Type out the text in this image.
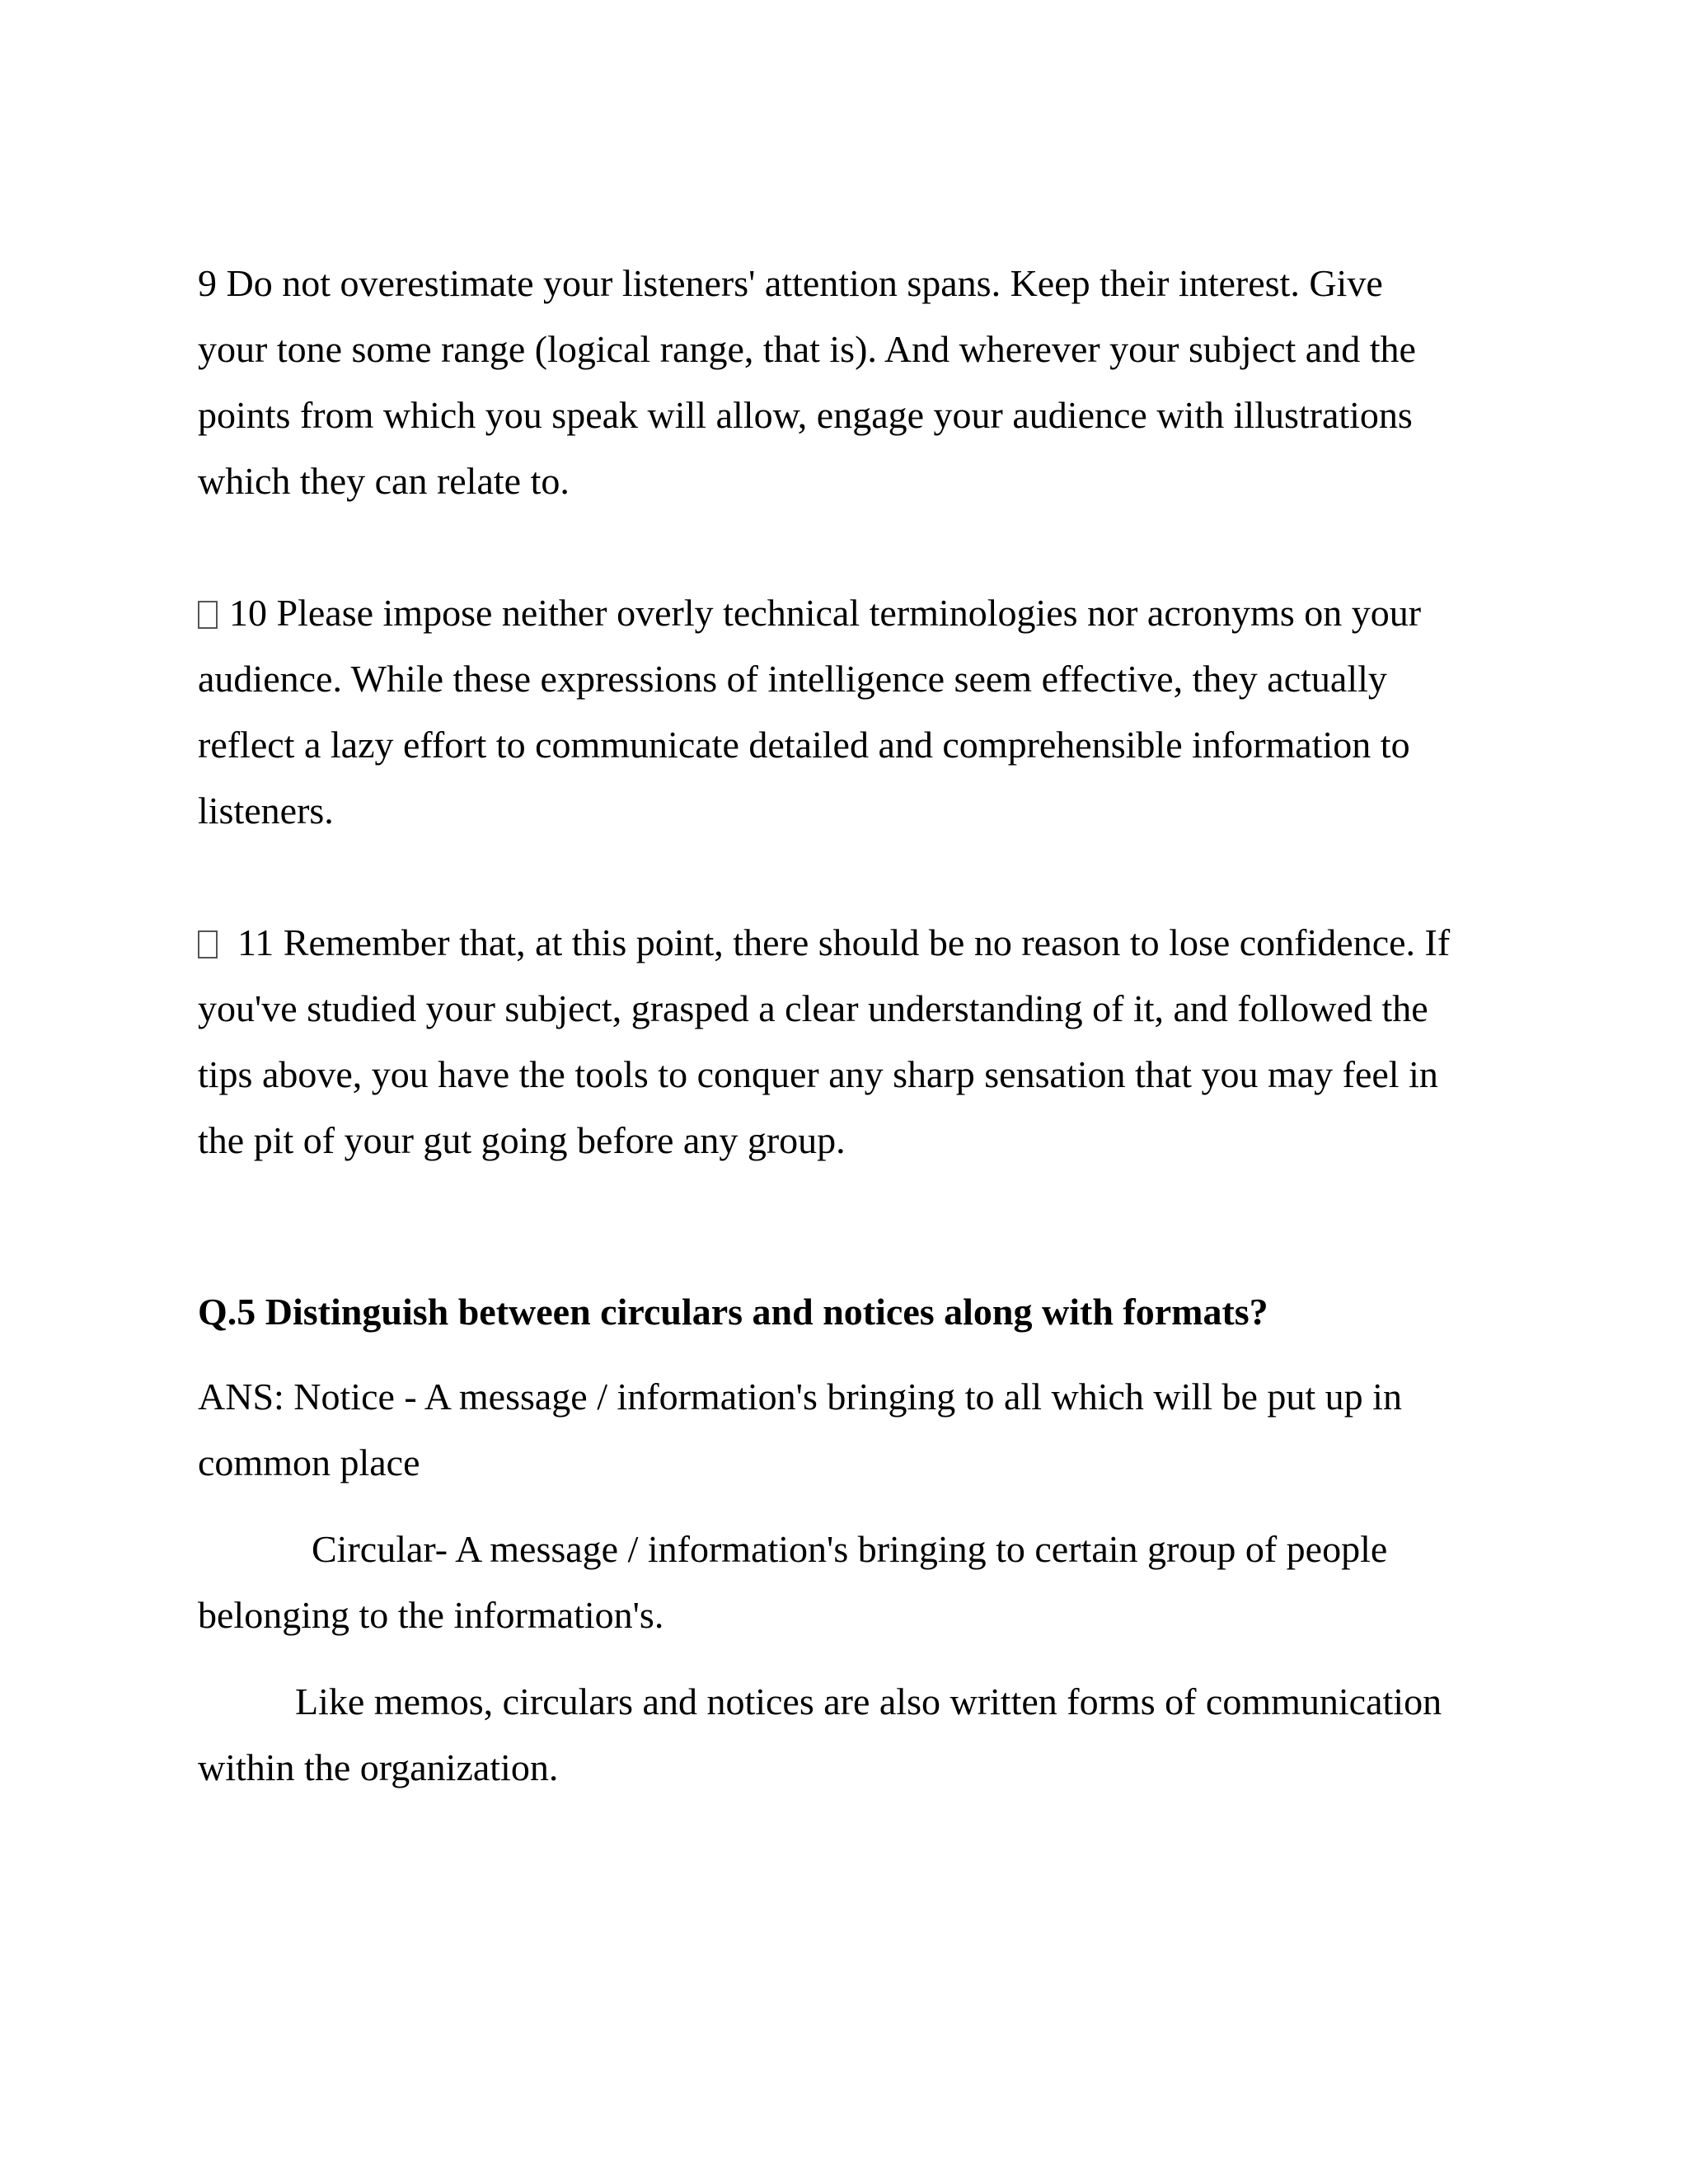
9 Do not overestimate your listeners' attention spans. Keep their interest. Give
your tone some range (logical range, that is). And wherever your subject and the
points from which you speak will allow, engage your audience with illustrations
which they can relate to.
10 Please impose neither overly technical terminologies nor acronyms on your
audience. While these expressions of intelligence seem effective, they actually
reflect a lazy effort to communicate detailed and comprehensible information to
listeners.
11 Remember that, at this point, there should be no reason to lose confidence. If
you've studied your subject, grasped a clear understanding of it, and followed the
tips above, you have the tools to conquer any sharp sensation that you may feel in
the pit of your gut going before any group.
Q.5 Distinguish between circulars and notices along with formats?
ANS: Notice - A message / information's bringing to all which will be put up in
common place
Circular- A message / information's bringing to certain group of people
belonging to the information's.
Like memos, circulars and notices are also written forms of communication
within the organization.
